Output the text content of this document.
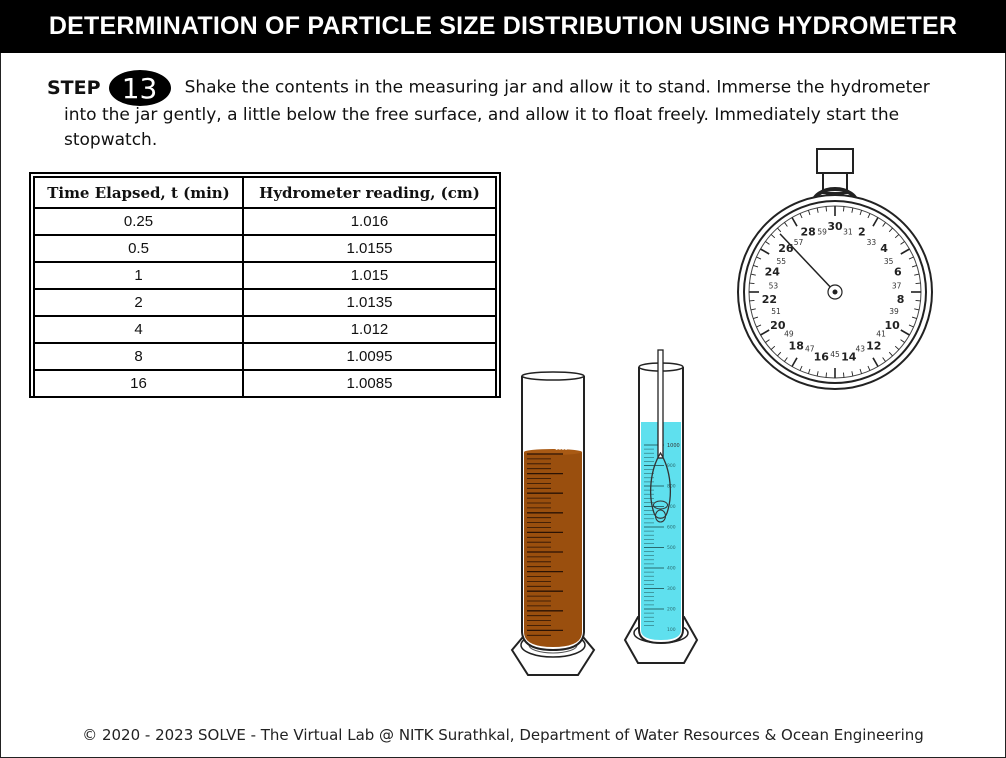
DETERMINATION OF PARTICLE SIZE DISTRIBUTION USING HYDROMETER
STEP 13 Shake the contents in the measuring jar and allow it to stand. Immerse the hydrometer
into the jar gently, a little below the free surface, and allow it to float freely. Immediately start the stopwatch.
Time Elapsed, t (min)	Hydrometer reading, (cm)
0.25	1.016
0.5	1.0155
1	1.015
2	1.0135
4	1.012
8	1.0095
16	1.0085
30 2
4
6
8
10
12
14
16
18
20
22
24
26
28	31
33
35
37
39
41
43
45
47
49
51
53
55
57
59
1000
900
800
700
600
500
400
300
200
100
1000
© 2020 - 2023 SOLVE - The Virtual Lab @ NITK Surathkal, Department of Water Resources & Ocean Engineering
